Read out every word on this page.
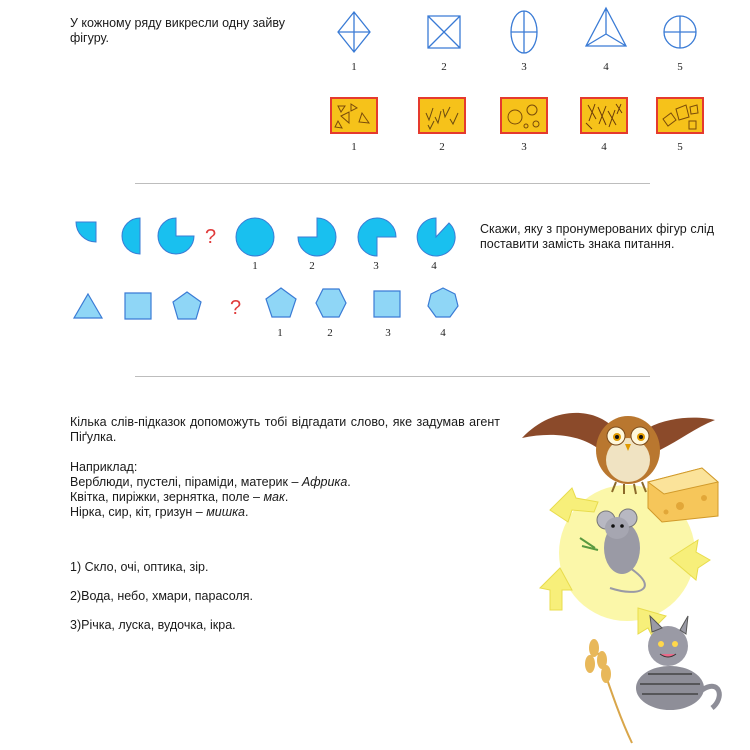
У кожному ряду викресли одну зайву фігуру.
1	2	3	4	5
1	2	3	4	5
?
1	2	3	4
Скажи, яку з пронумерованих фігур слід поставити замість знака питання.
?
1	2	3	4
Кілька слів-підказок допоможуть тобі відгадати слово, яке задумав агент Піґулка.
Наприклад:
Верблюди, пустелі, піраміди, материк – Африка.
Квітка, пиріжки, зернятка, поле – мак.
Нірка, сир, кіт, гризун – мишка.
1) Скло, очі, оптика, зір.
2)Вода, небо, хмари, парасоля.
3)Річка, луска, вудочка, ікра.
